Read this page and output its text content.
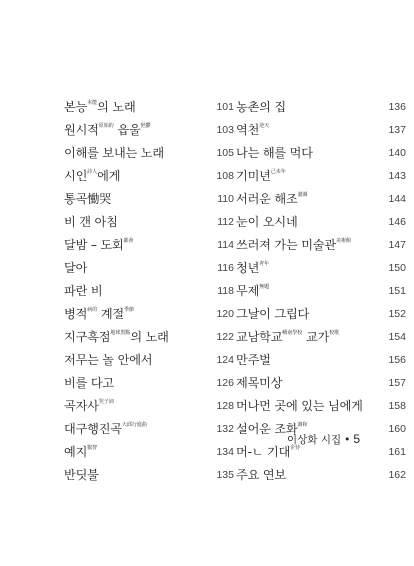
본능$^{本能}$의 노래	101
원시적$^{原始的}$ 읍울$^{悒鬱}$	103
이해를 보내는 노래	105
시인$^{詩人}$에게	108
통곡慟哭	110
비 갠 아침	112
달밤 – 도회$^{都會}$	114
달아	116
파란 비	118
병적$^{病的}$ 계절$^{季節}$	120
지구흑점$^{地球黑點}$의 노래	122
저무는 놀 안에서	124
비를 다고	126
곡자사$^{哭子詞}$	128
대구행진곡$^{大邱行進曲}$	132
예지$^{叡智}$	134
반딧불	135
농촌의 집	136
역천$^{逆天}$	137
나는 해를 먹다	140
기미년$^{己未年}$	143
서러운 해조$^{諧調}$	144
눈이 오시네	146
쓰러져 가는 미술관$^{美術館}$	147
청년$^{靑年}$	150
무제$^{無題}$	151
그날이 그립다	152
교남학교$^{嶠南學校}$ 교가$^{校歌}$	154
만주벌	156
제목미상	157
머나먼 곳에 있는 님에게 158
설어운 조화$^{調和}$	160
머-ㄴ 기대$^{企待}$	161
주요 연보	162
이상화 시집 • 5
